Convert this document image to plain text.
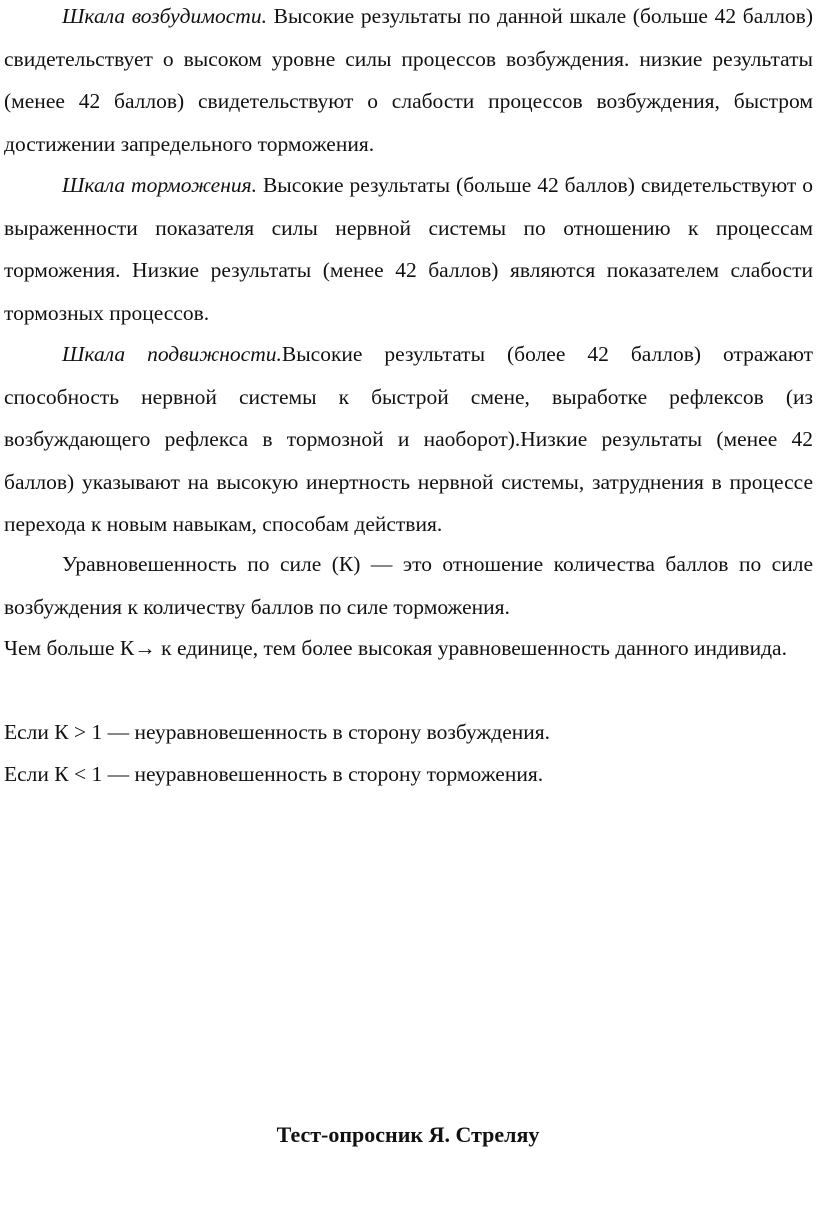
Шкала возбудимости. Высокие результаты по данной шкале (больше 42 баллов) свидетельствует о высоком уровне силы процессов возбуждения. низкие результаты (менее 42 баллов) свидетельствуют о слабости процессов возбуждения, быстром достижении запредельного торможения.

Шкала торможения. Высокие результаты (больше 42 баллов) свидетельствуют о выраженности показателя силы нервной системы по отношению к процессам торможения. Низкие результаты (менее 42 баллов) являются показателем слабости тормозных процессов.

Шкала подвижности.Высокие результаты (более 42 баллов) отражают способность нервной системы к быстрой смене, выработке рефлексов (из возбуждающего рефлекса в тормозной и наоборот).Низкие результаты (менее 42 баллов) указывают на высокую инертность нервной системы, затруднения в процессе перехода к новым навыкам, способам действия.

Уравновешенность по силе (К) — это отношение количества баллов по силе возбуждения к количеству баллов по силе торможения.

Чем больше К→ к единице, тем более высокая уравновешенность данного индивида.

Если К > 1 — неуравновешенность в сторону возбуждения.

Если К < 1 — неуравновешенность в сторону торможения.

Тест-опросник Я. Стреляу
